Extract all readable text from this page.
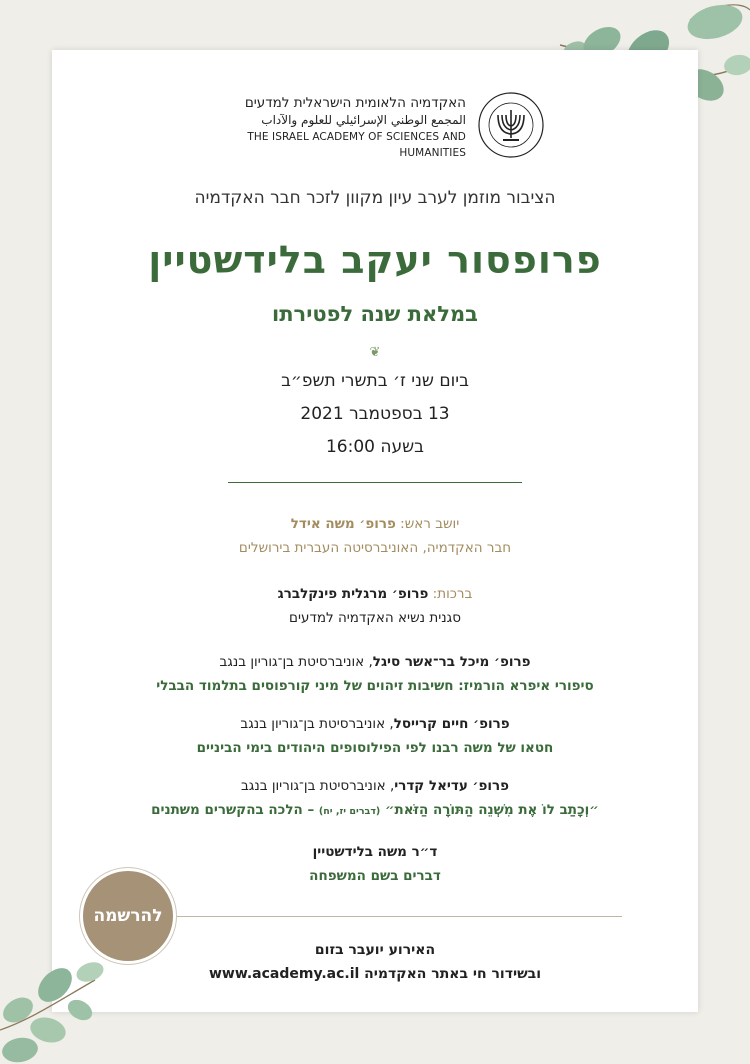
האקדמיה הלאומית הישראלית למדעים
المجمع الوطني الإسرائيلي للعلوم والآداب
THE ISRAEL ACADEMY OF SCIENCES AND HUMANITIES
הציבור מוזמן לערב עיון מקוון לזכר חבר האקדמיה
פרופסור יעקב בלידשטיין
במלאת שנה לפטירתו
❦
ביום שני ז׳ בתשרי תשפ״ב
13 בספטמבר 2021
בשעה 16:00
יושב ראש: פרופ׳ משה אידל
חבר האקדמיה, האוניברסיטה העברית בירושלים
ברכות: פרופ׳ מרגלית פינקלברג
סגנית נשיא האקדמיה למדעים
פרופ׳ מיכל בר־אשר סיגל, אוניברסיטת בן־גוריון בנגב
סיפורי איפרא הורמיז: חשיבות זיהוים של מיני קורפוסים בתלמוד הבבלי
פרופ׳ חיים קרייסל, אוניברסיטת בן־גוריון בנגב
חטאו של משה רבנו לפי הפילוסופים היהודים בימי הביניים
פרופ׳ עדיאל קדרי, אוניברסיטת בן־גוריון בנגב
״וְכָתַב לוֹ אֶת מִשְׁנֵה הַתּוֹרָה הַזֹּאת״ (דברים יז, יח) – הלכה בהקשרים משתנים
ד״ר משה בלידשטיין
דברים בשם המשפחה
האירוע יועבר בזום
ובשידור חי באתר האקדמיה www.academy.ac.il
להרשמה
